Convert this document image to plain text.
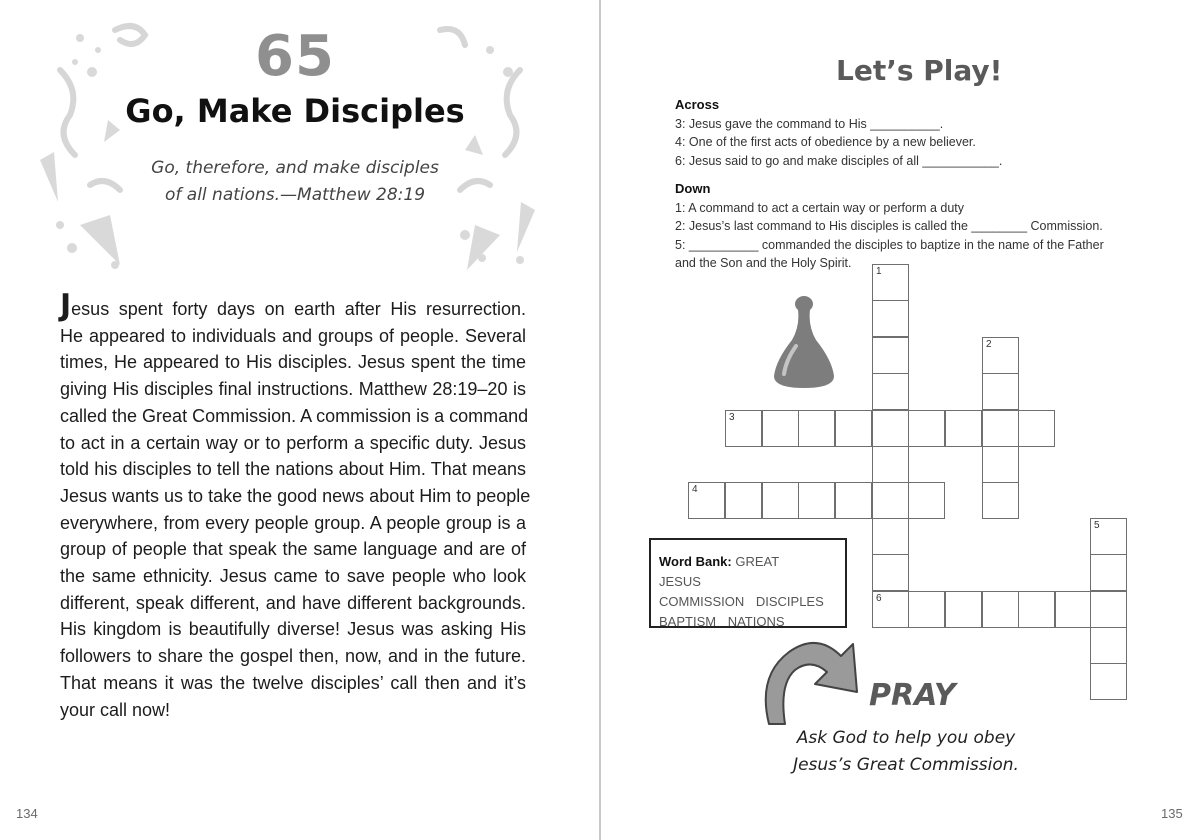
65
Go, Make Disciples
Go, therefore, and make disciples
of all nations.—Matthew 28:19
Jesus spent forty days on earth after His resurrection.
He appeared to individuals and groups of people. Several
times, He appeared to His disciples. Jesus spent the time
giving His disciples final instructions. Matthew 28:19–20 is
called the Great Commission. A commission is a command
to act in a certain way or to perform a specific duty. Jesus
told his disciples to tell the nations about Him. That means
Jesus wants us to take the good news about Him to people
everywhere, from every people group. A people group is a
group of people that speak the same language and are of
the same ethnicity. Jesus came to save people who look
different, speak different, and have different backgrounds.
His kingdom is beautifully diverse! Jesus was asking His
followers to share the gospel then, now, and in the future.
That means it was the twelve disciples’ call then and it’s
your call now!
134
Let’s Play!
Across
3: Jesus gave the command to His __________.
4: One of the first acts of obedience by a new believer.
6: Jesus said to go and make disciples of all ___________.
Down
1: A command to act a certain way or perform a duty
2: Jesus’s last command to His disciples is called the ________ Commission.
5: __________ commanded the disciples to baptize in the name of the Father
and the Son and the Holy Spirit.
1
2
3
4
6
5
Word Bank: GREAT JESUS
COMMISSION DISCIPLES
BAPTISM NATIONS
PRAY
Ask God to help you obey
Jesus’s Great Commission.
135
